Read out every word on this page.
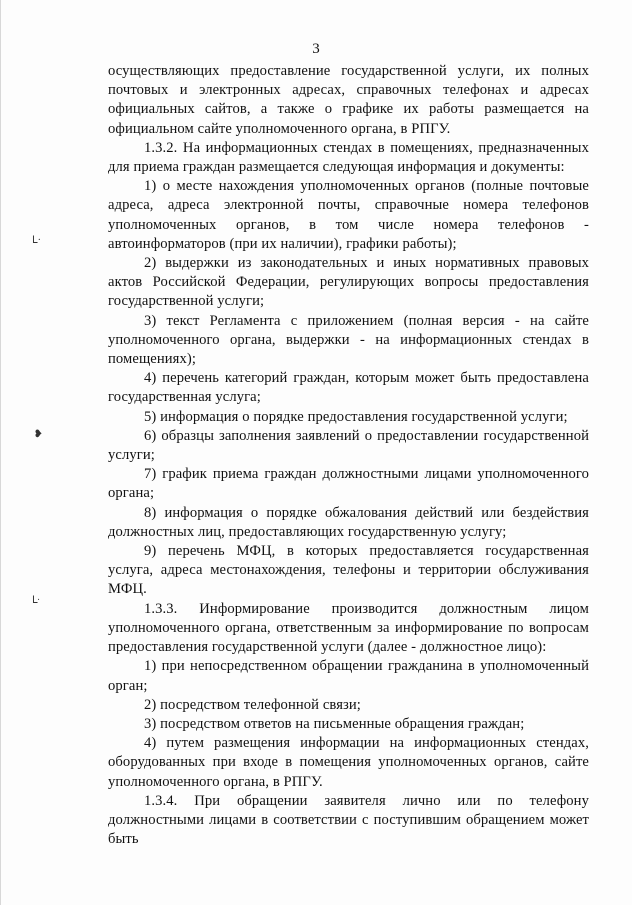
3
ᒪ·
❥
ᒷ

осуществляющих предоставление государственной услуги, их полных почтовых и электронных адресах, справочных телефонах и адресах официальных сайтов, а также о графике их работы размещается на официальном сайте уполномоченного органа, в РПГУ.

1.3.2. На информационных стендах в помещениях, предназначенных для приема граждан размещается следующая информация и документы:

1) о месте нахождения уполномоченных органов (полные почтовые адреса, адреса электронной почты, справочные номера телефонов уполномоченных органов, в том числе номера телефонов - автоинформаторов (при их наличии), графики работы);

2) выдержки из законодательных и иных нормативных правовых актов Российской Федерации, регулирующих вопросы предоставления государственной услуги;

3) текст Регламента с приложением (полная версия - на сайте уполномоченного органа, выдержки - на информационных стендах в помещениях);

4) перечень категорий граждан, которым может быть предоставлена государственная услуга;

5) информация о порядке предоставления государственной услуги;

6) образцы заполнения заявлений о предоставлении государственной услуги;

7) график приема граждан должностными лицами уполномоченного органа;

8) информация о порядке обжалования действий или бездействия должностных лиц, предоставляющих государственную услугу;

9) перечень МФЦ, в которых предоставляется государственная услуга, адреса местонахождения, телефоны и территории обслуживания МФЦ.

1.3.3. Информирование производится должностным лицом уполномоченного органа, ответственным за информирование по вопросам предоставления государственной услуги (далее - должностное лицо):

1) при непосредственном обращении гражданина в уполномоченный орган;

2) посредством телефонной связи;

3) посредством ответов на письменные обращения граждан;

4) путем размещения информации на информационных стендах, оборудованных при входе в помещения уполномоченных органов, сайте уполномоченного органа, в РПГУ.

1.3.4. При обращении заявителя лично или по телефону должностными лицами в соответствии с поступившим обращением может быть
